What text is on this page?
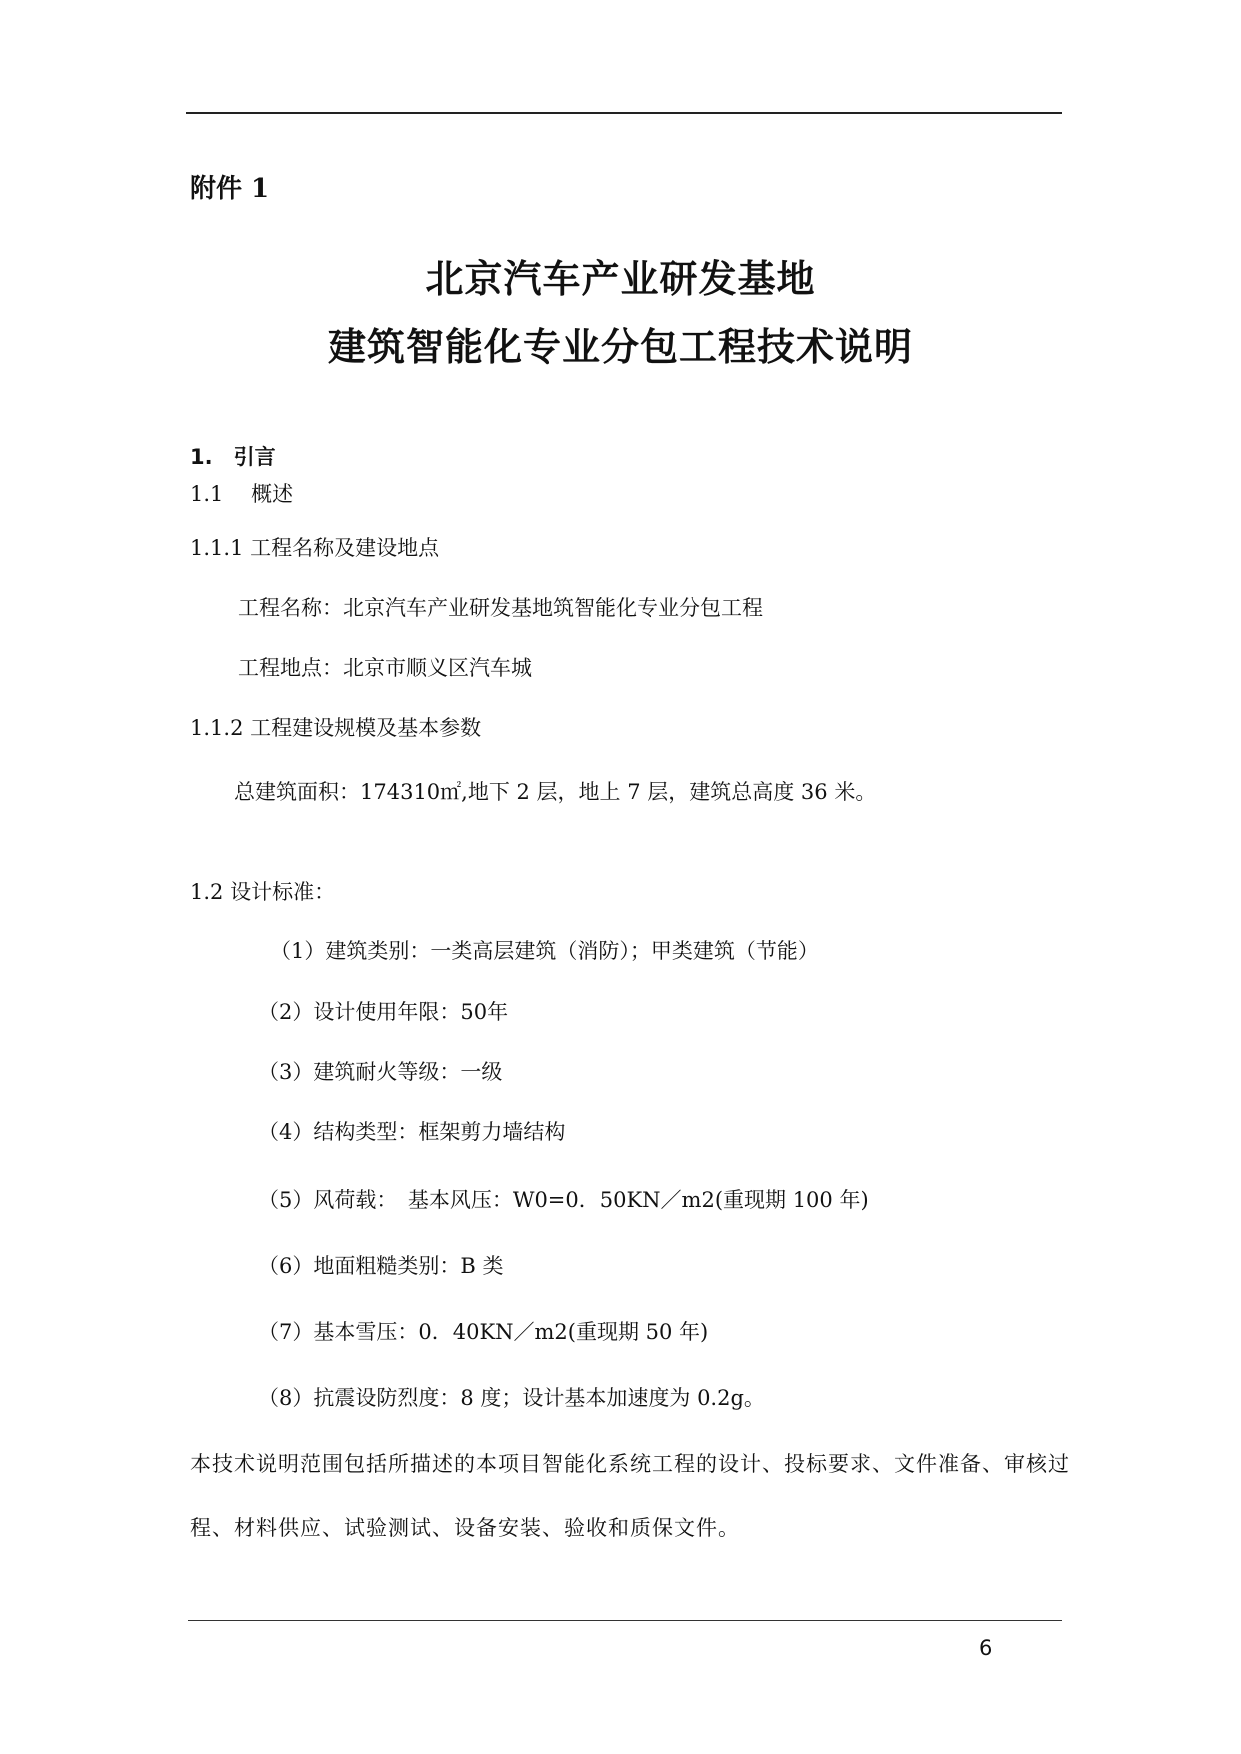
附件 1
北京汽车产业研发基地
建筑智能化专业分包工程技术说明
1.　引言
1.1　 概述
1.1.1 工程名称及建设地点
工程名称：北京汽车产业研发基地筑智能化专业分包工程
工程地点：北京市顺义区汽车城
1.1.2 工程建设规模及基本参数
总建筑面积：174310㎡,地下 2 层，地上 7 层，建筑总高度 36 米。
1.2 设计标准：
（1）建筑类别：一类高层建筑（消防）；甲类建筑（节能）
（2）设计使用年限：50年
（3）建筑耐火等级：一级
（4）结构类型：框架剪力墙结构
（5）风荷载：　基本风压：W0=0．50KN／m2(重现期 100 年)
（6）地面粗糙类别：B 类
（7）基本雪压：0．40KN／m2(重现期 50 年)
（8）抗震设防烈度：8 度；设计基本加速度为 0.2g。
本技术说明范围包括所描述的本项目智能化系统工程的设计、投标要求、文件准备、审核过
程、材料供应、试验测试、设备安装、验收和质保文件。
6
